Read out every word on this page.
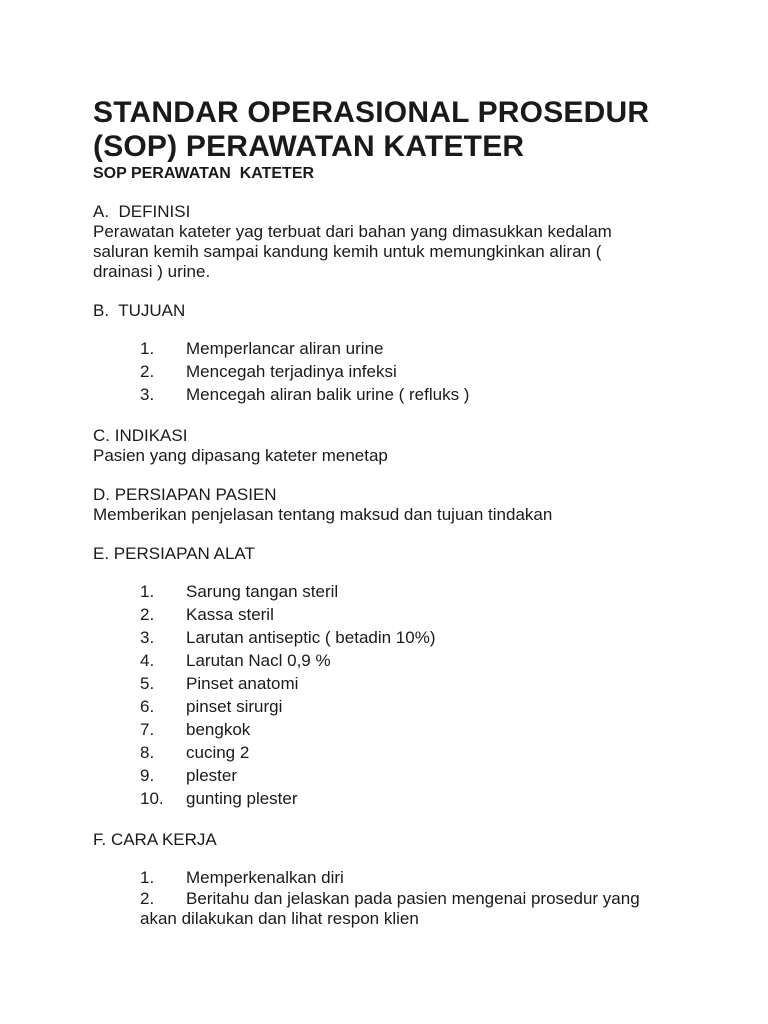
STANDAR OPERASIONAL PROSEDUR
(SOP) PERAWATAN KATETER

SOP PERAWATAN  KATETER

A.  DEFINISI

Perawatan kateter yag terbuat dari bahan yang dimasukkan kedalam
saluran kemih sampai kandung kemih untuk memungkinkan aliran (
drainasi ) urine.

B.  TUJUAN

1. Memperlancar aliran urine
2. Mencegah terjadinya infeksi
3. Mencegah aliran balik urine ( refluks )

C. INDIKASI

Pasien yang dipasang kateter menetap

D. PERSIAPAN PASIEN

Memberikan penjelasan tentang maksud dan tujuan tindakan

E. PERSIAPAN ALAT

1. Sarung tangan steril
2. Kassa steril
3. Larutan antiseptic ( betadin 10%)
4. Larutan Nacl 0,9 %
5. Pinset anatomi
6. pinset sirurgi
7. bengkok
8. cucing 2
9. plester
10. gunting plester

F. CARA KERJA

1. Memperkenalkan diri
2. Beritahu dan jelaskan pada pasien mengenai prosedur yang
akan dilakukan dan lihat respon klien
